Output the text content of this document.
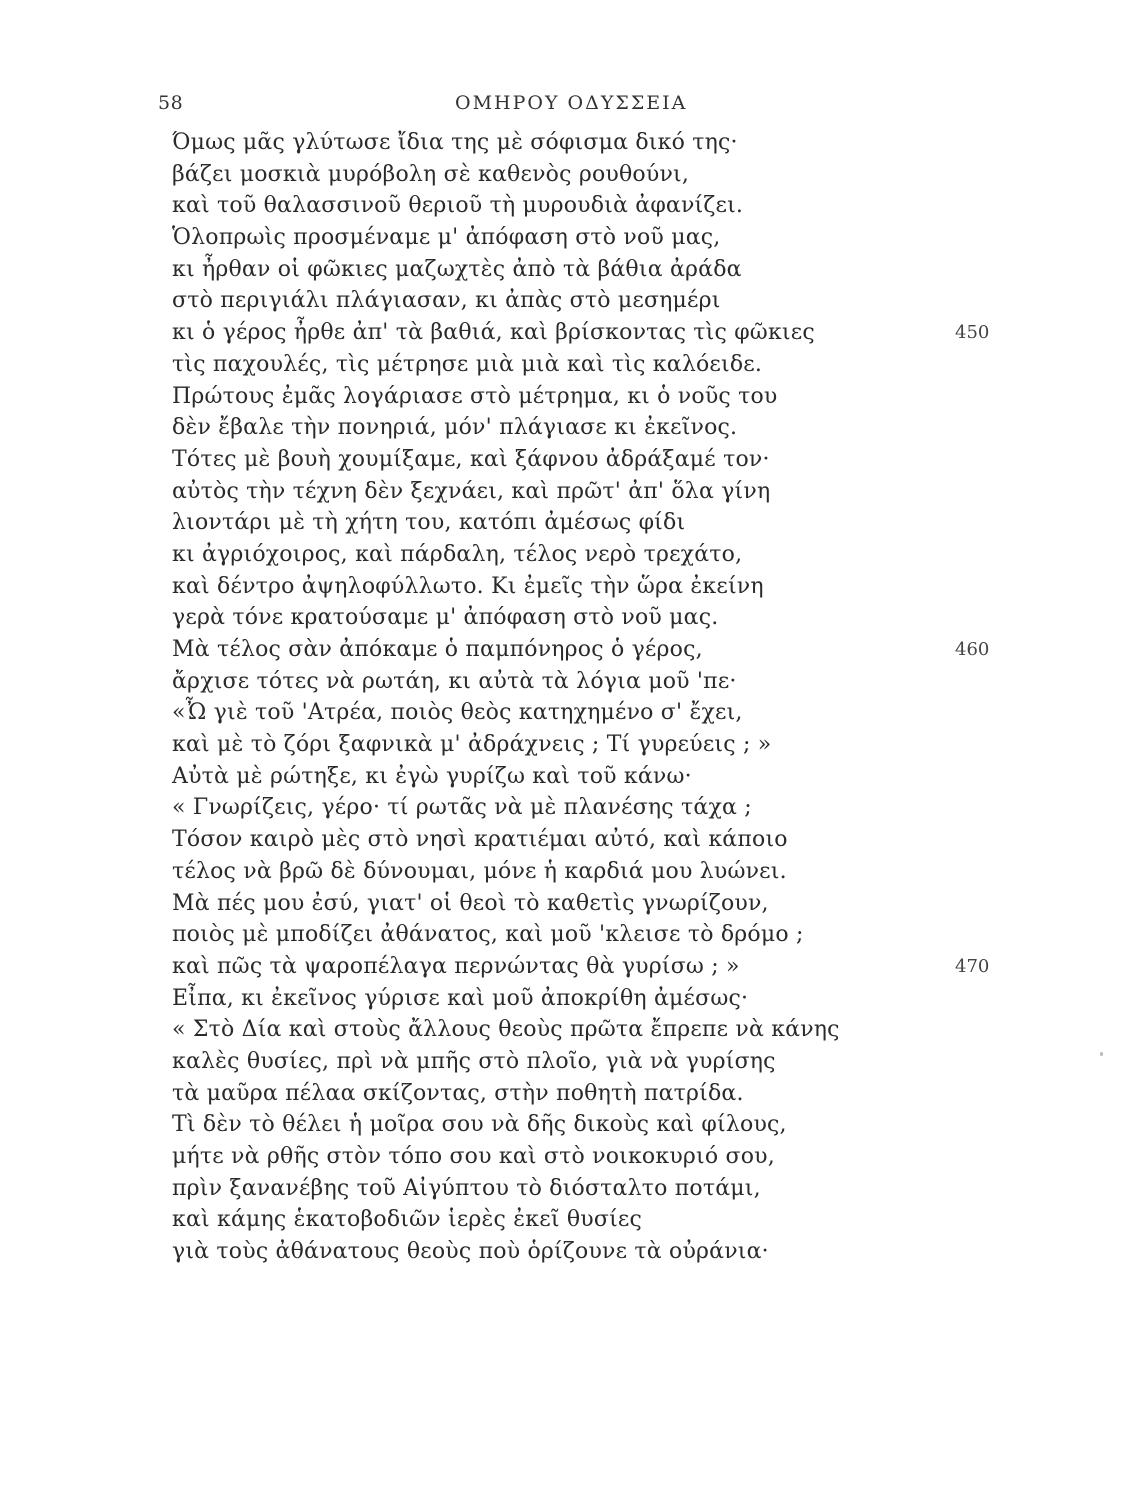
58	ΟΜΗΡΟΥ ΟΔΥΣΣΕΙΑ
Όμως μᾶς γλύτωσε ἴδια της μὲ σόφισμα δικό της·
βάζει μοσκιὰ μυρόβολη σὲ καθενὸς ρουθούνι,
καὶ τοῦ θαλασσινοῦ θεριοῦ τὴ μυρουδιὰ ἀφανίζει.
Ὁλοπρωὶς προσμέναμε μ' ἀπόφαση στὸ νοῦ μας,
κι ἦρθαν οἱ φῶκιες μαζωχτὲς ἀπὸ τὰ βάθια ἀράδα
στὸ περιγιάλι πλάγιασαν, κι ἀπὰς στὸ μεσημέρι
κι ὁ γέρος ἦρθε ἀπ' τὰ βαθιά, καὶ βρίσκοντας τὶς φῶκιες
τὶς παχουλές, τὶς μέτρησε μιὰ μιὰ καὶ τὶς καλόειδε.
Πρώτους ἐμᾶς λογάριασε στὸ μέτρημα, κι ὁ νοῦς του
δὲν ἔβαλε τὴν πονηριά, μόν' πλάγιασε κι ἐκεῖνος.
Τότες μὲ βουὴ χουμίξαμε, καὶ ξάφνου ἀδράξαμέ τον·
αὐτὸς τὴν τέχνη δὲν ξεχνάει, καὶ πρῶτ' ἀπ' ὅλα γίνη
λιοντάρι μὲ τὴ χήτη του, κατόπι ἀμέσως φίδι
κι ἀγριόχοιρος, καὶ πάρδαλη, τέλος νερὸ τρεχάτο,
καὶ δέντρο ἀψηλοφύλλωτο. Κι ἐμεῖς τὴν ὥρα ἐκείνη
γερὰ τόνε κρατούσαμε μ' ἀπόφαση στὸ νοῦ μας.
Μὰ τέλος σὰν ἀπόκαμε ὁ παμπόνηρος ὁ γέρος,
ἄρχισε τότες νὰ ρωτάη, κι αὐτὰ τὰ λόγια μοῦ 'πε·
«Ὦ γιὲ τοῦ 'Ατρέα, ποιὸς θεὸς κατηχημένο σ' ἔχει,
καὶ μὲ τὸ ζόρι ξαφνικὰ μ' ἀδράχνεις ; Τί γυρεύεις ; »
Αὐτὰ μὲ ρώτηξε, κι ἐγὼ γυρίζω καὶ τοῦ κάνω·
« Γνωρίζεις, γέρο· τί ρωτᾶς νὰ μὲ πλανέσης τάχα ;
Τόσον καιρὸ μὲς στὸ νησὶ κρατιέμαι αὐτό, καὶ κάποιο
τέλος νὰ βρῶ δὲ δύνουμαι, μόνε ἡ καρδιά μου λυώνει.
Μὰ πές μου ἐσύ, γιατ' οἱ θεοὶ τὸ καθετὶς γνωρίζουν,
ποιὸς μὲ μποδίζει ἀθάνατος, καὶ μοῦ 'κλεισε τὸ δρόμο ;
καὶ πῶς τὰ ψαροπέλαγα περνώντας θὰ γυρίσω ; »
Εἶπα, κι ἐκεῖνος γύρισε καὶ μοῦ ἀποκρίθη ἀμέσως·
« Στὸ Δία καὶ στοὺς ἄλλους θεοὺς πρῶτα ἔπρεπε νὰ κάνης
καλὲς θυσίες, πρὶ νὰ μπῆς στὸ πλοῖο, γιὰ νὰ γυρίσης
τὰ μαῦρα πέλαα σκίζοντας, στὴν ποθητὴ πατρίδα.
Τὶ δὲν τὸ θέλει ἡ μοῖρα σου νὰ δῆς δικοὺς καὶ φίλους,
μήτε νὰ ρθῆς στὸν τόπο σου καὶ στὸ νοικοκυριό σου,
πρὶν ξανανέβης τοῦ Αἰγύπτου τὸ διόσταλτο ποτάμι,
καὶ κάμης ἑκατοβοδιῶν ἱερὲς ἐκεῖ θυσίες
γιὰ τοὺς ἀθάνατους θεοὺς ποὺ ὁρίζουνε τὰ οὐράνια·
450
460
470
